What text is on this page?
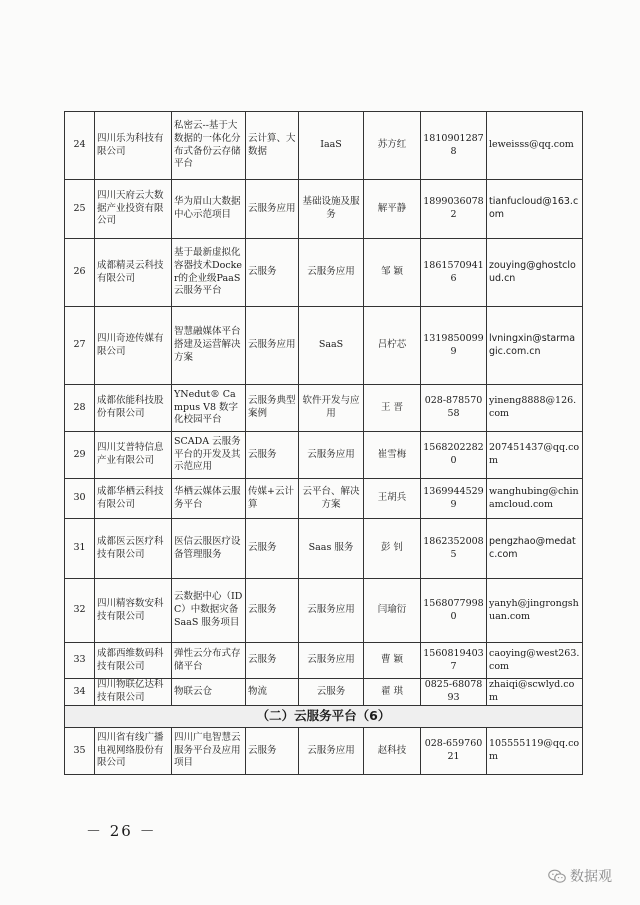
24	四川乐为科技有限公司	私密云--基于大数据的一体化分布式备份云存储平台	云计算、大数据	IaaS	苏方红	18109012878	leweisss@qq.com
25	四川天府云大数据产业投资有限公司	华为眉山大数据中心示范项目	云服务应用	基础设施及服务	解平静	18990360782	tianfucloud@163.com
26	成都精灵云科技有限公司	基于最新虚拟化容器技术Docker的企业级PaaS云服务平台	云服务	云服务应用	邹 颖	18615709416	zouying@ghostcloud.cn
27	四川奇迹传媒有限公司	智慧融媒体平台搭建及运营解决方案	云服务应用	SaaS	吕柠芯	13198500999	lvningxin@starmagic.com.cn
28	成都依能科技股份有限公司	YNedut® Campus V8 数字化校园平台	云服务典型案例	软件开发与应用	王 晋	028-87857058	yineng8888@126.com
29	四川艾普特信息产业有限公司	SCADA 云服务平台的开发及其示范应用	云服务	云服务应用	崔雪梅	15682022820	207451437@qq.com
30	成都华栖云科技有限公司	华栖云媒体云服务平台	传媒+云计算	云平台、解决方案	王胡兵	13699445299	wanghubing@chinamcloud.com
31	成都医云医疗科技有限公司	医信云服医疗设备管理服务	云服务	Saas 服务	彭 钊	18623520085	pengzhao@medatc.com
32	四川精容数安科技有限公司	云数据中心（IDC）中数据灾备 SaaS 服务项目	云服务	云服务应用	闫瑜衍	15680779980	yanyh@jingrongshuan.com
33	成都西维数码科技有限公司	弹性云分布式存储平台	云服务	云服务应用	曹 颖	15608194037	caoying@west263.com
34	四川物联亿达科技有限公司	物联云仓	物流	云服务	翟 琪	0825-6807893	zhaiqi@scwlyd.com
（二）云服务平台（6）							
35	四川省有线广播电视网络股份有限公司	四川广电智慧云服务平台及应用项目	云服务	云服务应用	赵科技	028-65976021	105555119@qq.com
－ 26 －
数据观
